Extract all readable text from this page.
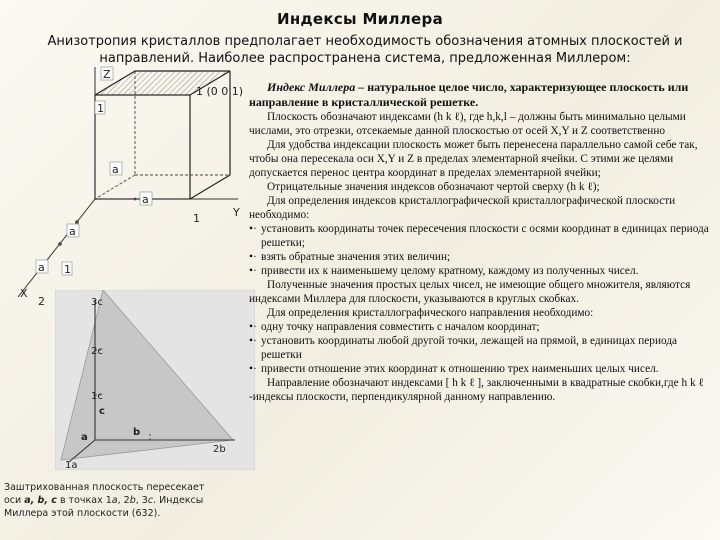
Индексы Миллера
Анизотропия кристаллов предполагает необходимость обозначения атомных плоскостей и направлений. Наиболее распространена система, предложенная Миллером:
Z
1
1 (0 0 1)
а
а
1	Y
а
а 1
X
2	3c
2c
1c
c
a	b
2b
1a
Заштрихованная плоскость пересекает оси a, b, c в точках 1a, 2b, 3c. Индексы Миллера этой плоскости (632).

Индекс Миллера – натуральное целое число, характеризующее плоскость или направление в кристаллической решетке.

Плоскость обозначают индексами (h k ℓ), где h,k,l – должны быть минимально целыми числами, это отрезки, отсекаемые данной плоскостью от осей X,Y и Z соответственно

Для удобства индексации плоскость может быть перенесена параллельно самой себе так, чтобы она пересекала оси X,Y и Z в пределах элементарной ячейки. С этими же целями допускается перенос центра координат в пределах элементарной ячейки;

Отрицательные значения индексов обозначают чертой сверху (h k ℓ);

Для определения индексов кристаллографической кристаллографической плоскости необходимо:

•· установить координаты точек пересечения плоскости с осями координат в единицах периода решетки;

•· взять обратные значения этих величин;

•· привести их к наименьшему целому кратному, каждому из полученных чисел.

Полученные значения простых целых чисел, не имеющие общего множителя, являются индексами Миллера для плоскости, указываются в круглых скобках.

Для определения кристаллографического направления необходимо:

•· одну точку направления совместить с началом координат;

•· установить координаты любой другой точки, лежащей на прямой, в единицах периода решетки

•· привести отношение этих координат к отношению трех наименьших целых чисел.

Направление обозначают индексами [ h k ℓ ], заключенными в квадратные скобки,где h k ℓ -индексы плоскости, перпендикулярной данному направлению.
